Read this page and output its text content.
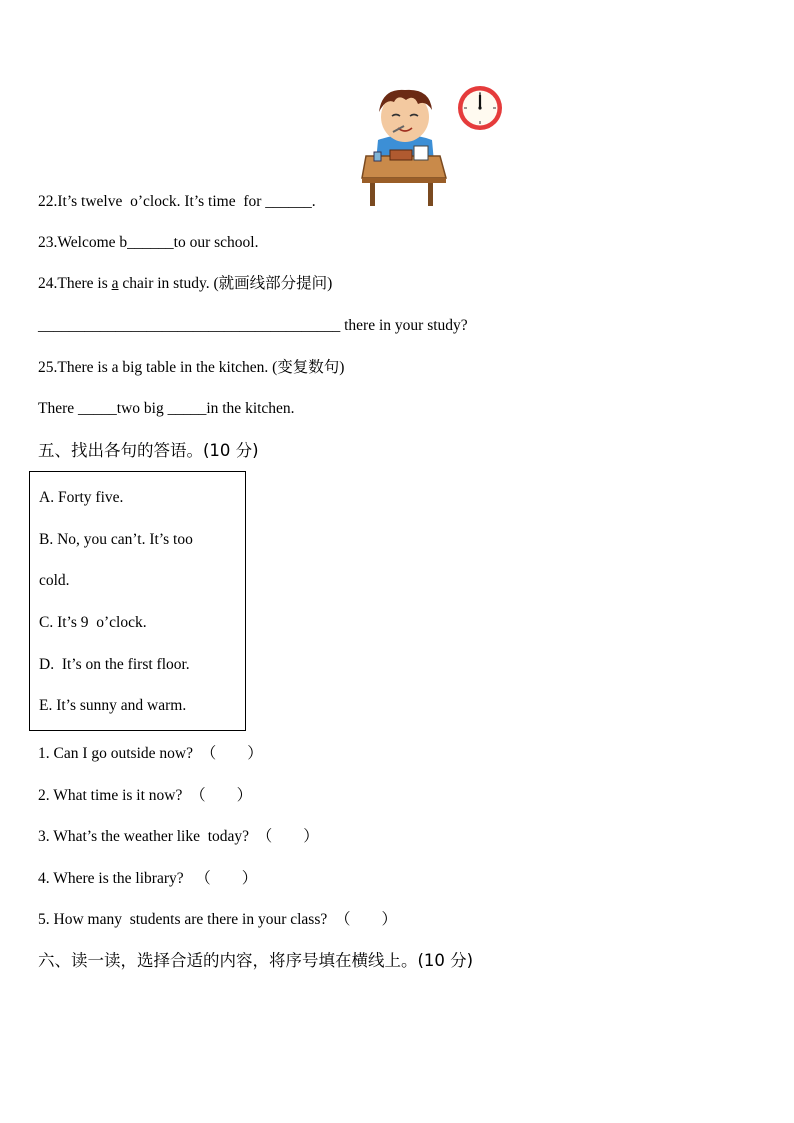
22.It’s twelve  o’clock. It’s time  for ______.
23.Welcome b______to our school.
24.There is a chair in study. (就画线部分提问)
_______________________________________ there in your study?
25.There is a big table in the kitchen. (变复数句)
There _____two big _____in the kitchen.
五、找出各句的答语。(10 分)
A. Forty five.
B. No, you can’t. It’s too
cold.
C. It’s 9  o’clock.
D.  It’s on the first floor.
E. It’s sunny and warm.
1. Can I go outside now?  （        ）
2. What time is it now?  （        ）
3. What’s the weather like  today?  （        ）
4. Where is the library?   （        ）
5. How many  students are there in your class?  （        ）
六、读一读，选择合适的内容，将序号填在横线上。(10 分)
